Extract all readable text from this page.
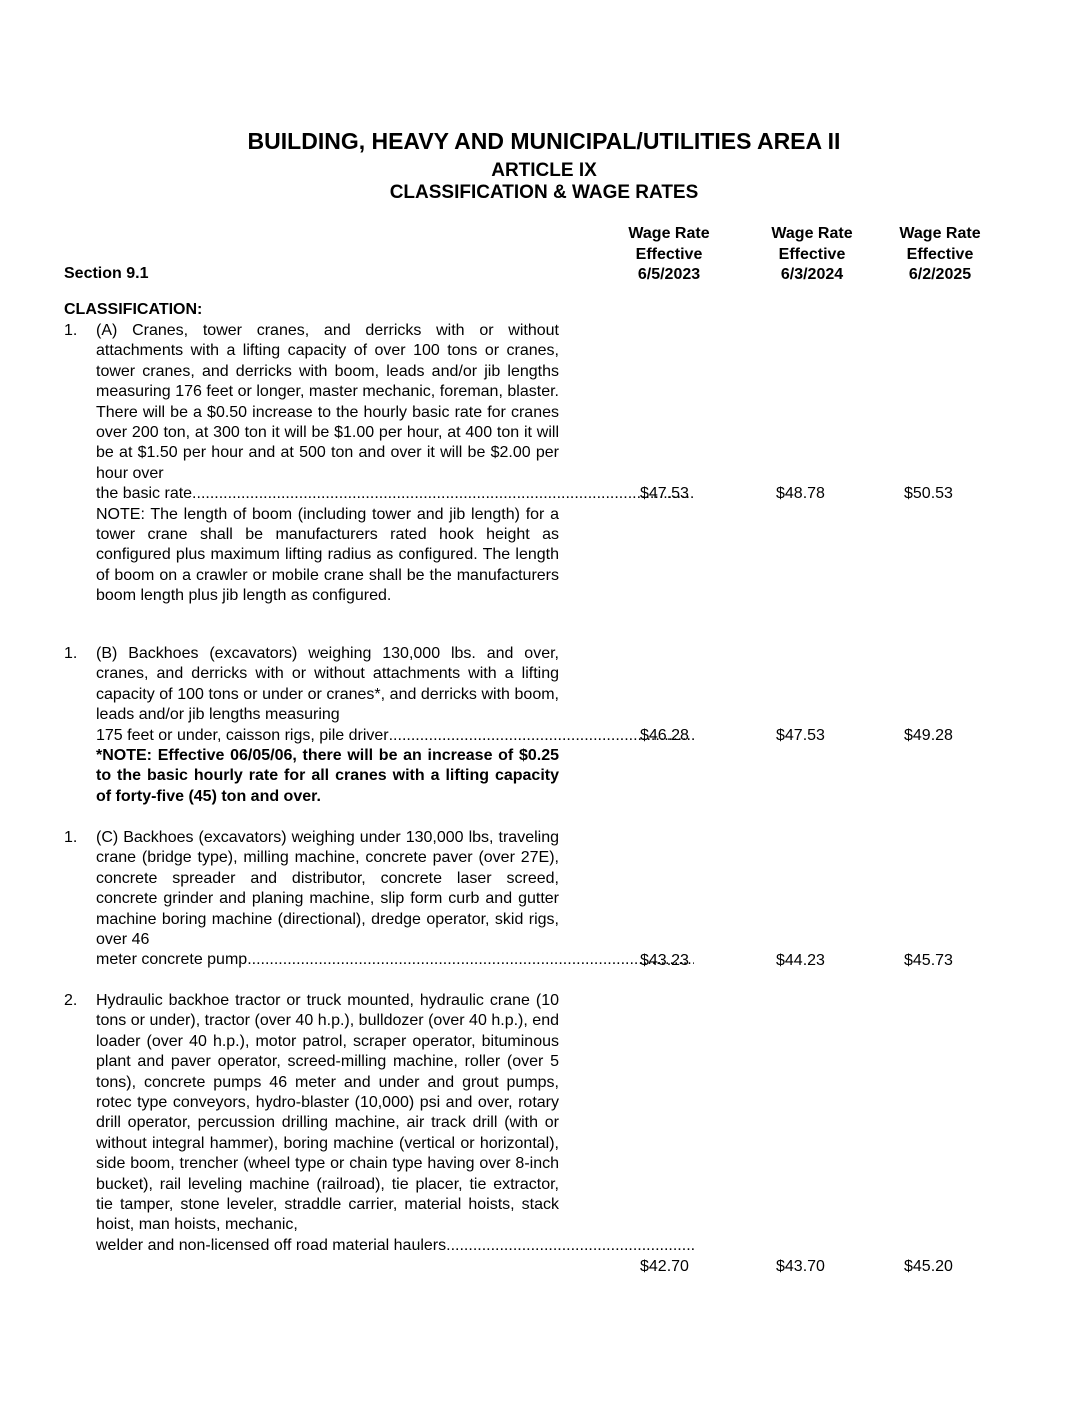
BUILDING, HEAVY AND MUNICIPAL/UTILITIES AREA II
ARTICLE IX
CLASSIFICATION & WAGE RATES
Wage Rate
Effective
6/5/2023
Wage Rate
Effective
6/3/2024
Wage Rate
Effective
6/2/2025
Section 9.1
CLASSIFICATION:
1. (A) Cranes, tower cranes, and derricks with or without attachments with a lifting capacity of over 100 tons or cranes, tower cranes, and derricks with boom, leads and/or jib lengths measuring 176 feet or longer, master mechanic, foreman, blaster. There will be a $0.50 increase to the hourly basic rate for cranes over 200 ton, at 300 ton it will be $1.00 per hour, at 400 ton it will be at $1.50 per hour and at 500 ton and over it will be $2.00 per hour over

the basic rate.
.....

NOTE: The length of boom (including tower and jib length) for a tower crane shall be manufacturers rated hook height as configured plus maximum lifting radius as configured. The length of boom on a crawler or mobile crane shall be the manufacturers boom length plus jib length as configured.

$47.53	$48.78	$50.53
1. (B) Backhoes (excavators) weighing 130,000 lbs. and over, cranes, and derricks with or without attachments with a lifting capacity of 100 tons or under or cranes*, and derricks with boom, leads and/or jib lengths measuring

175 feet or under, caisson rigs, pile driver
.....

*NOTE: Effective 06/05/06, there will be an increase of $0.25 to the basic hourly rate for all cranes with a lifting capacity of forty-five (45) ton and over.

$46.28	$47.53	$49.28
1. (C) Backhoes (excavators) weighing under 130,000 lbs, traveling crane (bridge type), milling machine, concrete paver (over 27E), concrete spreader and distributor, concrete laser screed, concrete grinder and planing machine, slip form curb and gutter machine boring machine (directional), dredge operator, skid rigs, over 46

meter concrete pump
.....	$43.23	$44.23	$45.73
2. Hydraulic backhoe tractor or truck mounted, hydraulic crane (10 tons or under), tractor (over 40 h.p.), bulldozer (over 40 h.p.), end loader (over 40 h.p.), motor patrol, scraper operator, bituminous plant and paver operator, screed-milling machine, roller (over 5 tons), concrete pumps 46 meter and under and grout pumps, rotec type conveyors, hydro-blaster (10,000) psi and over, rotary drill operator, percussion drilling machine, air track drill (with or without integral hammer), boring machine (vertical or horizontal), side boom, trencher (wheel type or chain type having over 8-inch bucket), rail leveling machine (railroad), tie placer, tie extractor, tie tamper, stone leveler, straddle carrier, material hoists, stack hoist, man hoists, mechanic,

welder and non-licensed off road material haulers
.....
$42.70	$43.70	$45.20
